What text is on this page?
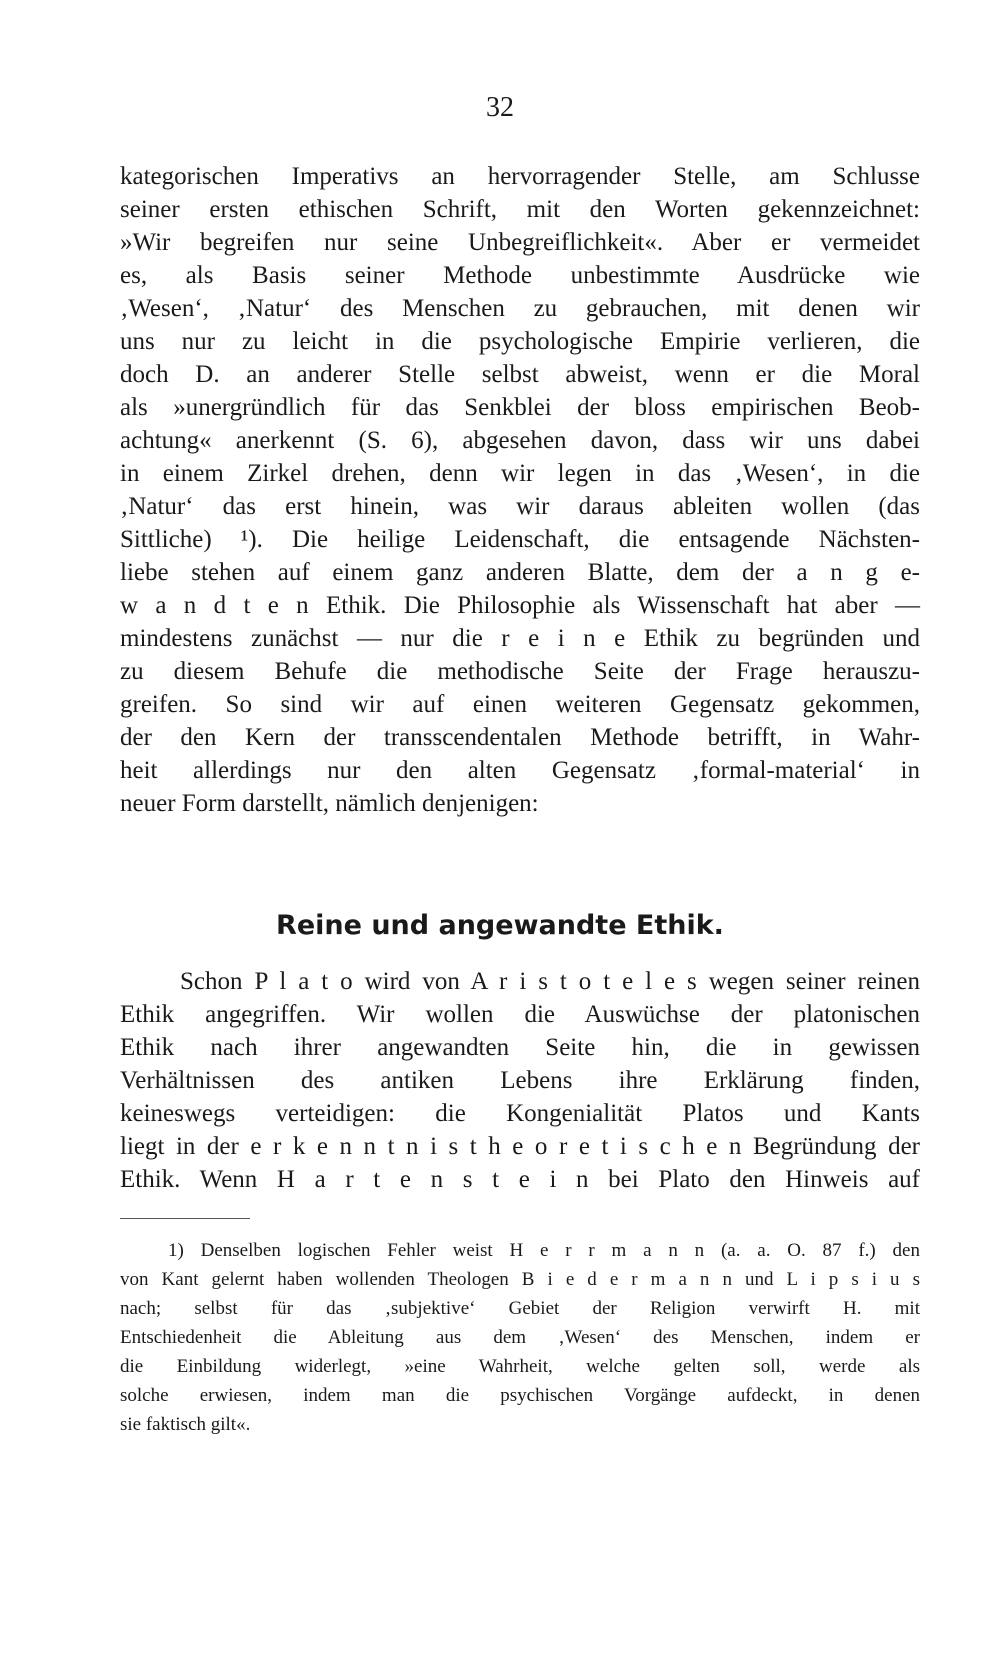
32
kategorischen Imperativs an hervorragender Stelle, am Schlusse
seiner ersten ethischen Schrift, mit den Worten gekennzeichnet:
»Wir begreifen nur seine Unbegreiflichkeit«. Aber er vermeidet
es, als Basis seiner Methode unbestimmte Ausdrücke wie
‚Wesen‘, ‚Natur‘ des Menschen zu gebrauchen, mit denen wir
uns nur zu leicht in die psychologische Empirie verlieren, die
doch D. an anderer Stelle selbst abweist, wenn er die Moral
als »unergründlich für das Senkblei der bloss empirischen Beob-
achtung« anerkennt (S. 6), abgesehen davon, dass wir uns dabei
in einem Zirkel drehen, denn wir legen in das ‚Wesen‘, in die
‚Natur‘ das erst hinein, was wir daraus ableiten wollen (das
Sittliche) ¹). Die heilige Leidenschaft, die entsagende Nächsten-
liebe stehen auf einem ganz anderen Blatte, dem der a n g e-
w a n d t e n Ethik. Die Philosophie als Wissenschaft hat aber —
mindestens zunächst — nur die r e i n e Ethik zu begründen und
zu diesem Behufe die methodische Seite der Frage herauszu-
greifen. So sind wir auf einen weiteren Gegensatz gekommen,
der den Kern der transscendentalen Methode betrifft, in Wahr-
heit allerdings nur den alten Gegensatz ‚formal-material‘ in
neuer Form darstellt, nämlich denjenigen:
Reine und angewandte Ethik.
Schon P l a t o wird von A r i s t o t e l e s wegen seiner reinen
Ethik angegriffen. Wir wollen die Auswüchse der platonischen
Ethik nach ihrer angewandten Seite hin, die in gewissen
Verhältnissen des antiken Lebens ihre Erklärung finden,
keineswegs verteidigen: die Kongenialität Platos und Kants
liegt in der e r k e n n t n i s t h e o r e t i s c h e n Begründung der
Ethik. Wenn H a r t e n s t e i n bei Plato den Hinweis auf
1) Denselben logischen Fehler weist H e r r m a n n (a. a. O. 87 f.) den
von Kant gelernt haben wollenden Theologen B i e d e r m a n n und L i p s i u s
nach; selbst für das ‚subjektive‘ Gebiet der Religion verwirft H. mit
Entschiedenheit die Ableitung aus dem ‚Wesen‘ des Menschen, indem er
die Einbildung widerlegt, »eine Wahrheit, welche gelten soll, werde als
solche erwiesen, indem man die psychischen Vorgänge aufdeckt, in denen
sie faktisch gilt«.
